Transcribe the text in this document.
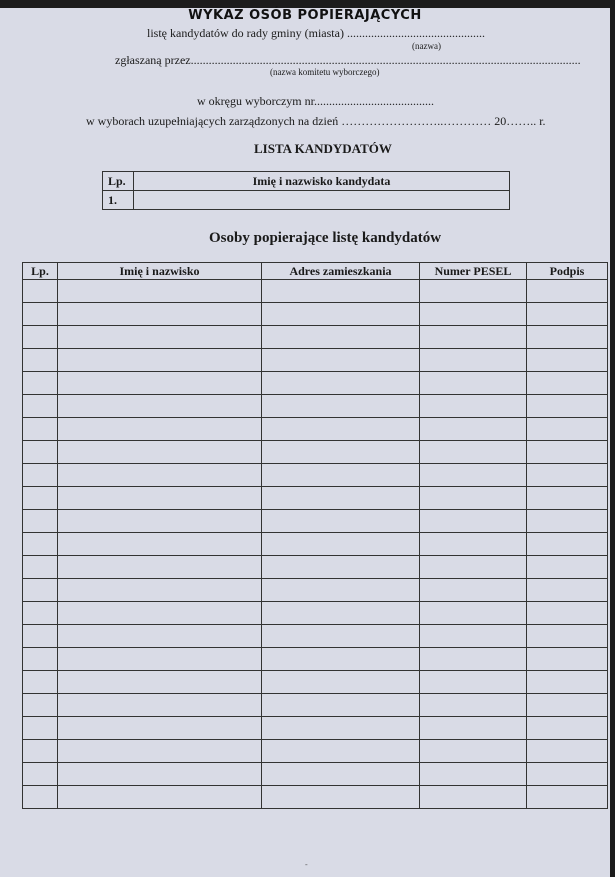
WYKAZ OSÓB POPIERAJĄCYCH
listę kandydatów do rady gminy (miasta) ..............................................
(nazwa)
zgłaszaną przez..................................................................................................................................
(nazwa komitetu wyborczego)
w okręgu wyborczym nr........................................
w wyborach uzupełniających zarządzonych na dzień ……………………..………… 20…….. r.
LISTA KANDYDATÓW
Lp.	Imię i nazwisko kandydata
1.	
Osoby popierające listę kandydatów
Lp.	Imię i nazwisko	Adres zamieszkania	Numer PESEL	Podpis

-
